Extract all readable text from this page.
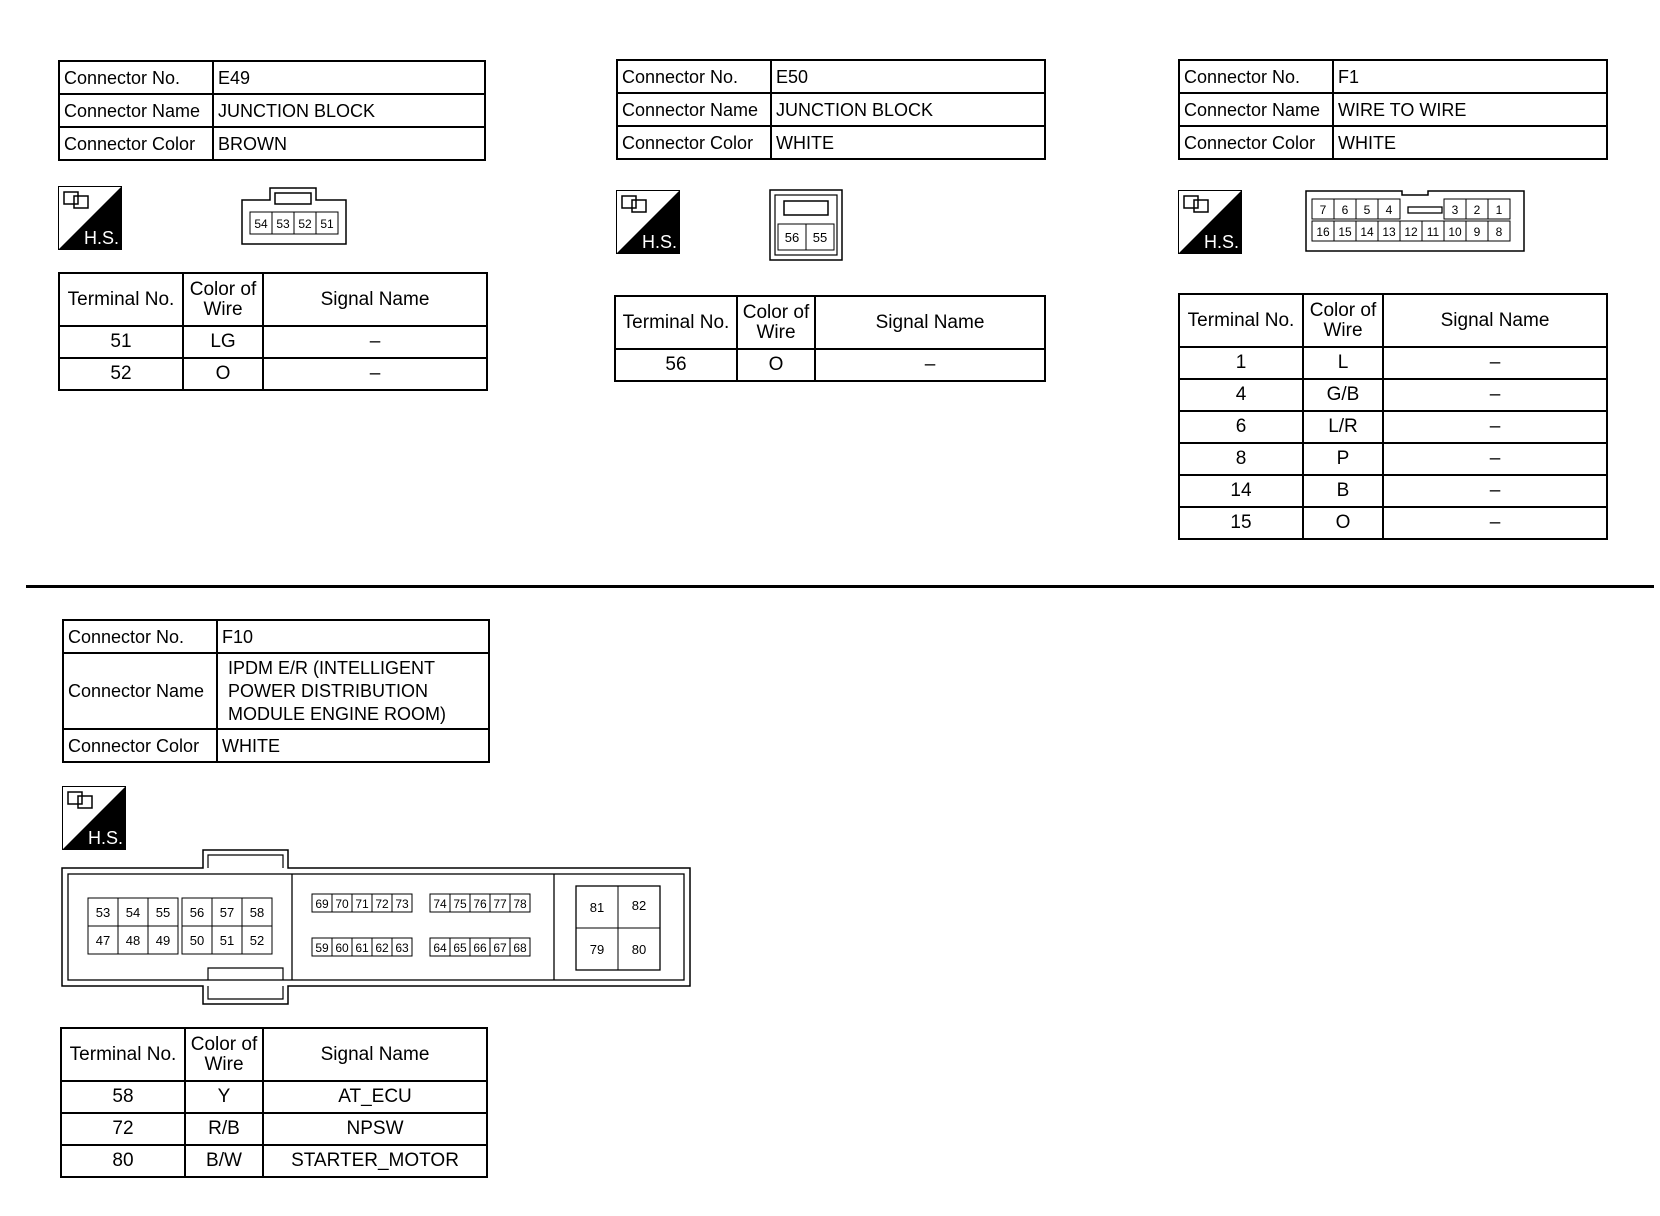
Connector No.	E49
Connector Name	JUNCTION BLOCK
Connector Color	BROWN
H.S.
54 53 52 51
Terminal No.	Color of Wire	Signal Name
51	LG	–
52	O	–
Connector No.	E50
Connector Name	JUNCTION BLOCK
Connector Color	WHITE
H.S.	56 55
Terminal No.	Color of Wire	Signal Name
56	O	–
Connector No.	F1
Connector Name	WIRE TO WIRE
Connector Color	WHITE
H.S.
7 6 5 4	3 2 1
16 15 14 13 12 11 10 9 8
Terminal No.	Color of Wire	Signal Name
1	L	–
4	G/B	–
6	L/R	–
8	P	–
14	B	–
15	O	–
Connector No.	F10
Connector Name	IPDM E/R (INTELLIGENT
POWER DISTRIBUTION
MODULE ENGINE ROOM)

Connector Color	WHITE
H.S.
53 54 55 56 57 58
47 48 49 50 51 52
69 70 71 72 73 74 75 76 77 78
59 60 61 62 63 64 65 66 67 68
81 82
79 80
Terminal No.	Color of Wire	Signal Name
58	Y	AT_ECU
72	R/B	NPSW
80	B/W	STARTER_MOTOR
